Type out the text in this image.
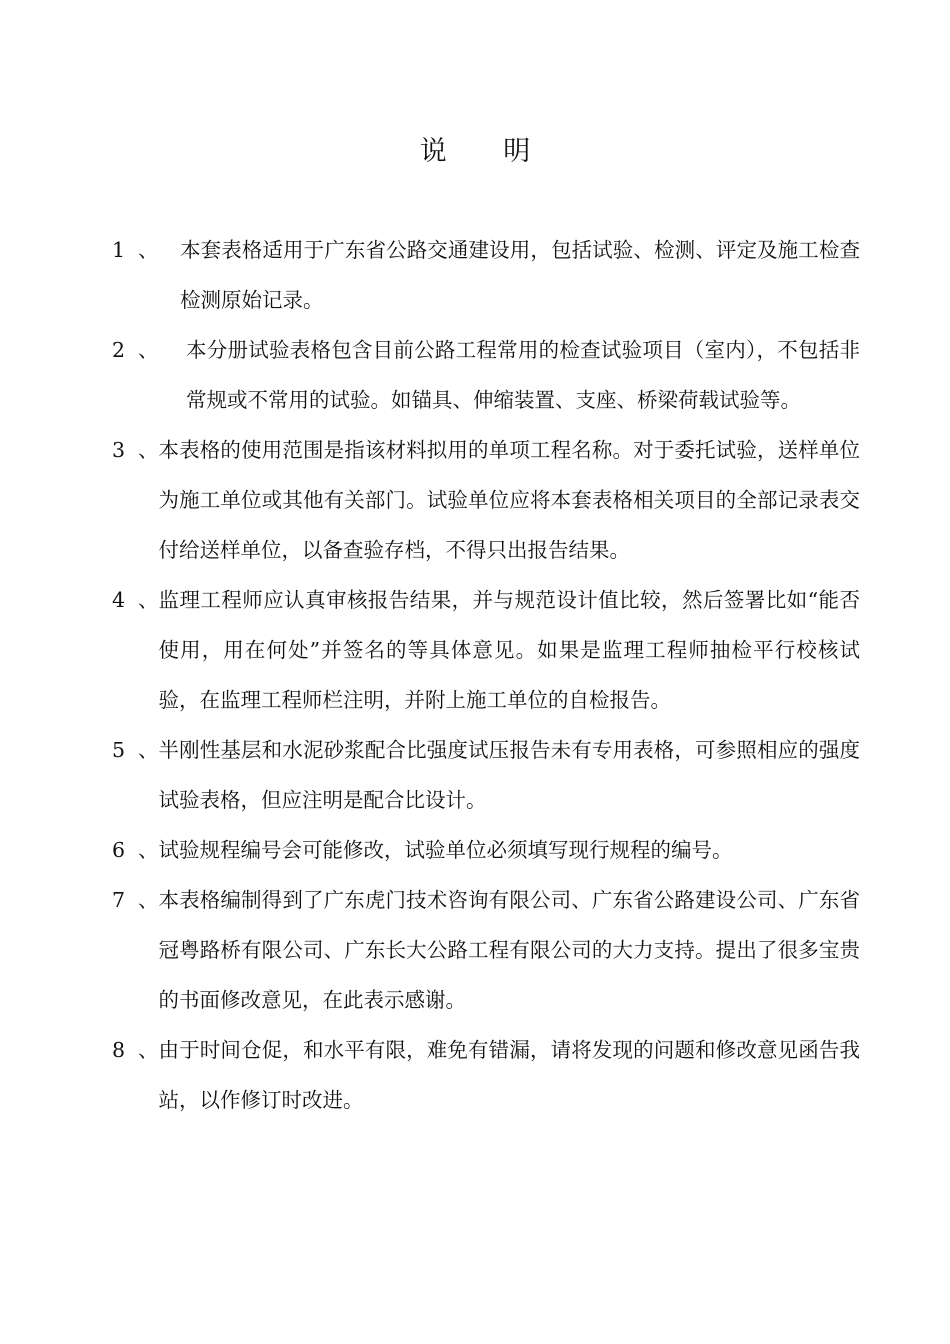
说 明
1 、	本套表格适用于广东省公路交通建设用，包括试验、检测、评定及施工检查检测原始记录。
2 、	本分册试验表格包含目前公路工程常用的检查试验项目（室内），不包括非常规或不常用的试验。如锚具、伸缩装置、支座、桥梁荷载试验等。
3 、 本表格的使用范围是指该材料拟用的单项工程名称。对于委托试验，送样单位为施工单位或其他有关部门。试验单位应将本套表格相关项目的全部记录表交付给送样单位，以备查验存档，不得只出报告结果。
4 、 监理工程师应认真审核报告结果，并与规范设计值比较，然后签署比如“能否使用，用在何处”并签名的等具体意见。如果是监理工程师抽检平行校核试验，在监理工程师栏注明，并附上施工单位的自检报告。
5 、 半刚性基层和水泥砂浆配合比强度试压报告未有专用表格，可参照相应的强度试验表格，但应注明是配合比设计。
6 、 试验规程编号会可能修改，试验单位必须填写现行规程的编号。
7 、 本表格编制得到了广东虎门技术咨询有限公司、广东省公路建设公司、广东省冠粤路桥有限公司、广东长大公路工程有限公司的大力支持。提出了很多宝贵的书面修改意见，在此表示感谢。
8 、 由于时间仓促，和水平有限，难免有错漏，请将发现的问题和修改意见函告我站，以作修订时改进。
